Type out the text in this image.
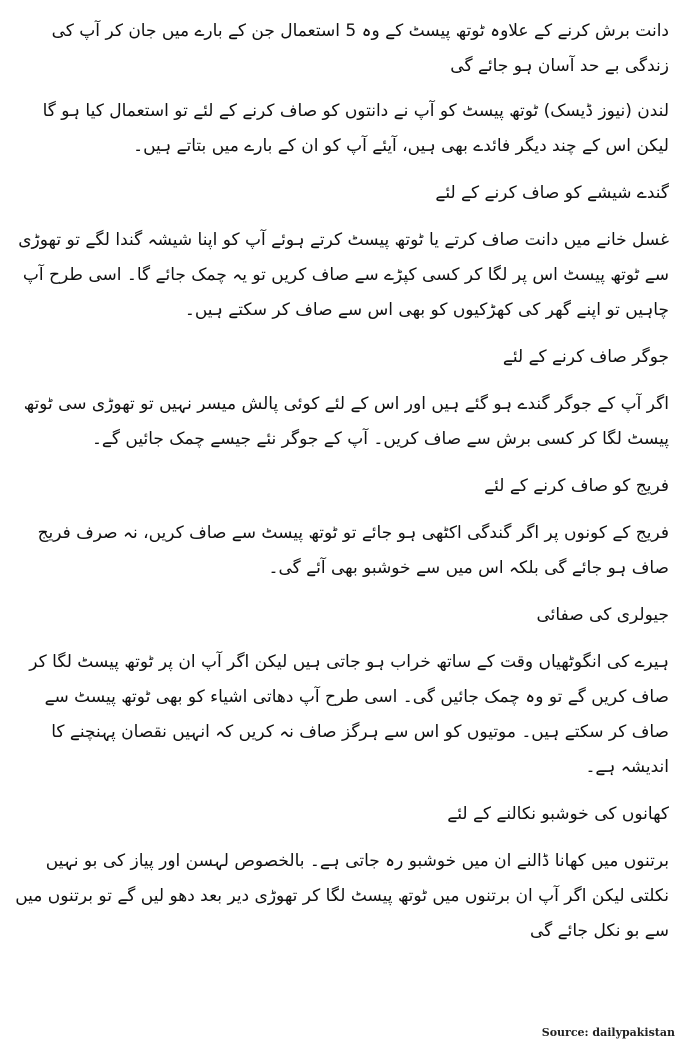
دانت برش کرنے کے علاوہ ٹوتھ پیسٹ کے وہ 5 استعمال جن کے بارے میں جان کر آپ کی زندگی بے حد آسان ہو جائے گی

لندن (نیوز ڈیسک) ٹوتھ پیسٹ کو آپ نے دانتوں کو صاف کرنے کے لئے تو استعمال کیا ہو گا لیکن اس کے چند دیگر فائدے بھی ہیں، آیئے آپ کو ان کے بارے میں بتاتے ہیں۔

گندے شیشے کو صاف کرنے کے لئے

غسل خانے میں دانت صاف کرتے یا ٹوتھ پیسٹ کرتے ہوئے آپ کو اپنا شیشہ گندا لگے تو تھوڑی سے ٹوتھ پیسٹ اس پر لگا کر کسی کپڑے سے صاف کریں تو یہ چمک جائے گا۔ اسی طرح آپ چاہیں تو اپنے گھر کی کھڑکیوں کو بھی اس سے صاف کر سکتے ہیں۔

جوگر صاف کرنے کے لئے

اگر آپ کے جوگر گندے ہو گئے ہیں اور اس کے لئے کوئی پالش میسر نہیں تو تھوڑی سی ٹوتھ پیسٹ لگا کر کسی برش سے صاف کریں۔ آپ کے جوگر نئے جیسے چمک جائیں گے۔

فریج کو صاف کرنے کے لئے

فریج کے کونوں پر اگر گندگی اکٹھی ہو جائے تو ٹوتھ پیسٹ سے صاف کریں، نہ صرف فریج صاف ہو جائے گی بلکہ اس میں سے خوشبو بھی آئے گی۔

جیولری کی صفائی

ہیرے کی انگوٹھیاں وقت کے ساتھ خراب ہو جاتی ہیں لیکن اگر آپ ان پر ٹوتھ پیسٹ لگا کر صاف کریں گے تو وہ چمک جائیں گی۔ اسی طرح آپ دھاتی اشیاء کو بھی ٹوتھ پیسٹ سے صاف کر سکتے ہیں۔ موتیوں کو اس سے ہرگز صاف نہ کریں کہ انہیں نقصان پہنچنے کا اندیشہ ہے۔

کھانوں کی خوشبو نکالنے کے لئے

برتنوں میں کھانا ڈالنے ان میں خوشبو رہ جاتی ہے۔ بالخصوص لہسن اور پیاز کی بو نہیں نکلتی لیکن اگر آپ ان برتنوں میں ٹوتھ پیسٹ لگا کر تھوڑی دیر بعد دھو لیں گے تو برتنوں میں سے بو نکل جائے گی

Source: dailypakistan
